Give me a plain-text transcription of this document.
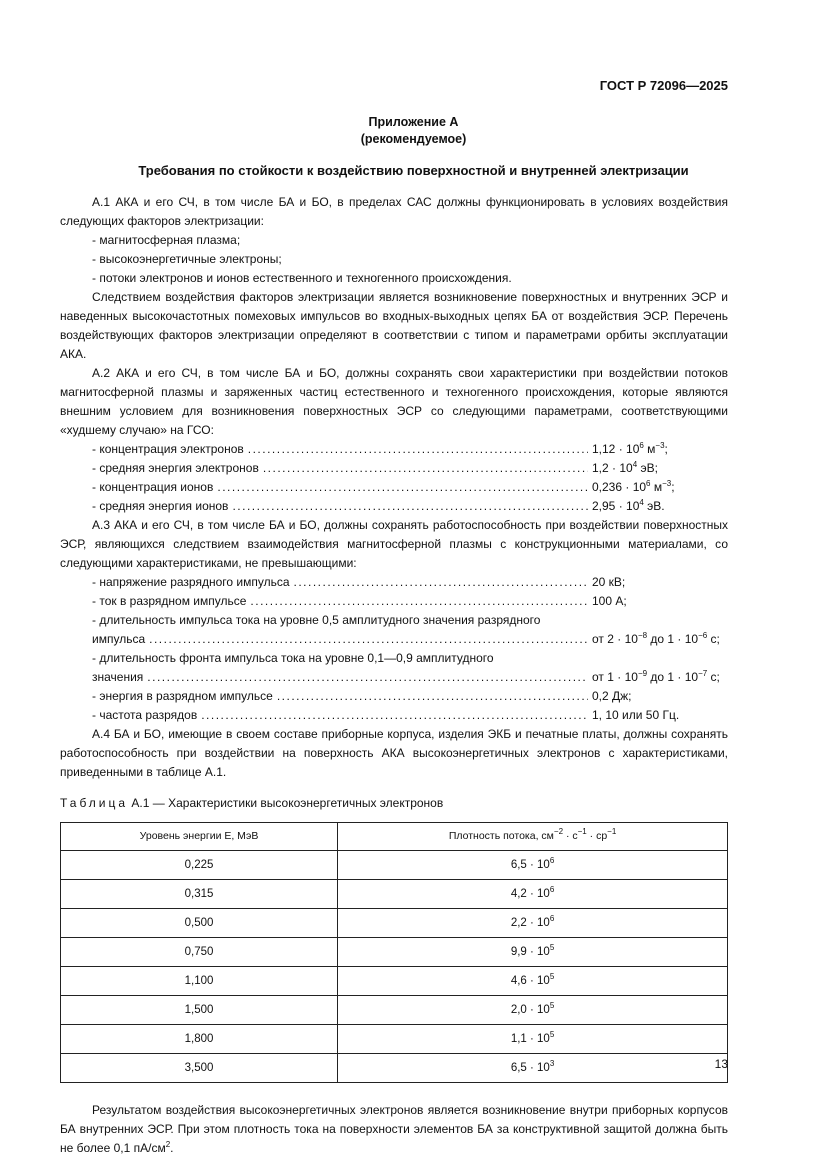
ГОСТ Р 72096—2025
Приложение А
(рекомендуемое)
Требования по стойкости к воздействию поверхностной и внутренней электризации

А.1 АКА и его СЧ, в том числе БА и БО, в пределах САС должны функционировать в условиях воздействия следующих факторов электризации:

- магнитосферная плазма;
- высокоэнергетичные электроны;
- потоки электронов и ионов естественного и техногенного происхождения.

Следствием воздействия факторов электризации является возникновение поверхностных и внутренних ЭСР и наведенных высокочастотных помеховых импульсов во входных-выходных цепях БА от воздействия ЭСР. Перечень воздействующих факторов электризации определяют в соответствии с типом и параметрами орбиты эксплуатации АКА.

А.2 АКА и его СЧ, в том числе БА и БО, должны сохранять свои характеристики при воздействии потоков магнитосферной плазмы и заряженных частиц естественного и техногенного происхождения, которые являются внешним условием для возникновения поверхностных ЭСР со следующими параметрами, соответствующими «худшему случаю» на ГСО:

- концентрация электронов .....	$1,12 \cdot 10^6$ $м^{-3}$;
- средняя энергия электронов .....	$1,2 \cdot 10^4$ эВ;
- концентрация ионов .....	$0,236 \cdot 10^6$ $м^{-3}$;
- средняя энергия ионов .....	$2,95 \cdot 10^4$ эВ.

А.3 АКА и его СЧ, в том числе БА и БО, должны сохранять работоспособность при воздействии поверхностных ЭСР, являющихся следствием взаимодействия магнитосферной плазмы с конструкционными материалами, со следующими характеристиками, не превышающими:

- напряжение разрядного импульса .....	20 кВ;
- ток в разрядном импульсе .....	100 А;
- длительность импульса тока на уровне 0,5 амплитудного значения разрядного
импульса .....	от $2 \cdot 10^{-8}$ до $1 \cdot 10^{-6}$ с;
- длительность фронта импульса тока на уровне 0,1—0,9 амплитудного
значения .....	от $1 \cdot 10^{-9}$ до $1 \cdot 10^{-7}$ с;
- энергия в разрядном импульсе .....	0,2 Дж;
- частота разрядов .....	1, 10 или 50 Гц.

А.4 БА и БО, имеющие в своем составе приборные корпуса, изделия ЭКБ и печатные платы, должны сохранять работоспособность при воздействии на поверхность АКА высокоэнергетичных электронов с характеристиками, приведенными в таблице А.1.

Таблица А.1 — Характеристики высокоэнергетичных электронов
Уровень энергии Е, МэВ	Плотность потока, $см^{-2} \cdot с^{-1} \cdot ср^{-1}$
0,225	$6,5 \cdot 10^6$
0,315	$4,2 \cdot 10^6$
0,500	$2,2 \cdot 10^6$
0,750	$9,9 \cdot 10^5$
1,100	$4,6 \cdot 10^5$
1,500	$2,0 \cdot 10^5$
1,800	$1,1 \cdot 10^5$
3,500	$6,5 \cdot 10^3$

Результатом воздействия высокоэнергетичных электронов является возникновение внутри приборных корпусов БА внутренних ЭСР. При этом плотность тока на поверхности элементов БА за конструктивной защитой должна быть не более 0,1 $пА/см^2$.

13
